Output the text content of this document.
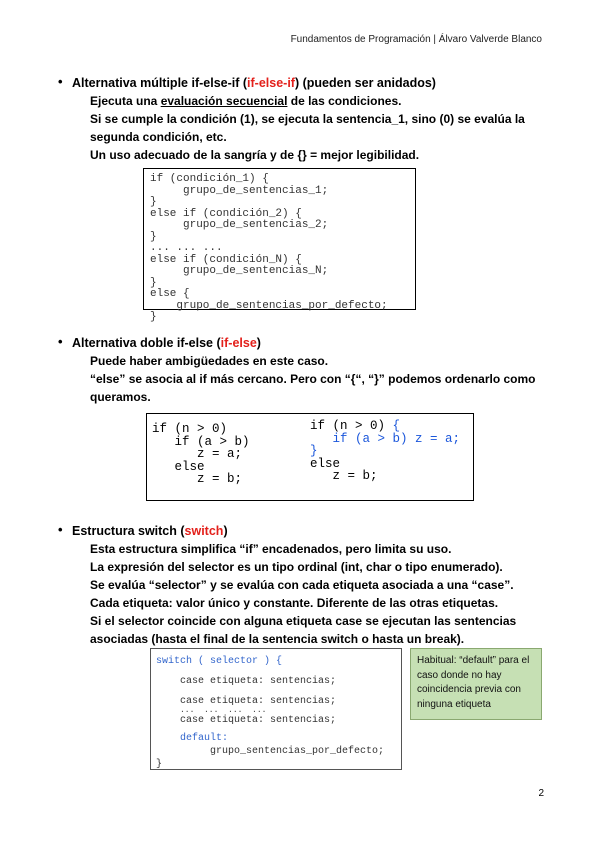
Fundamentos de Programación | Álvaro Valverde Blanco
• Alternativa múltiple if-else-if (if-else-if) (pueden ser anidados)

Ejecuta una evaluación secuencial de las condiciones.

Si se cumple la condición (1), se ejecuta la sentencia_1, sino (0) se evalúa la

segunda condición, etc.

Un uso adecuado de la sangría y de {} = mejor legibilidad.

if (condición_1) {
grupo_de_sentencias_1;
}
else if (condición_2) {
grupo_de_sentencias_2;
}
... ... ...
else if (condición_N) {
grupo_de_sentencias_N;
}
else {
grupo_de_sentencias_por_defecto;
}
• Alternativa doble if-else (if-else)

Puede haber ambigüedades en este caso.

“else” se asocia al if más cercano. Pero con “{“, “}” podemos ordenarlo como

queramos.

if (n > 0)
if (a > b)
z = a;
else
z = b;
if (n > 0) {
if (a > b) z = a;
}
else
z = b;
• Estructura switch (switch)

Esta estructura simplifica “if” encadenados, pero limita su uso.

La expresión del selector es un tipo ordinal (int, char o tipo enumerado).

Se evalúa “selector” y se evalúa con cada etiqueta asociada a una “case”.

Cada etiqueta: valor único y constante. Diferente de las otras etiquetas.

Si el selector coincide con alguna etiqueta case se ejecutan las sentencias

asociadas (hasta el final de la sentencia switch o hasta un break).

switch ( selector ) {
case etiqueta: sentencias;
case etiqueta: sentencias;
...  ...  ...  ...
case etiqueta: sentencias;
default:
grupo_sentencias_por_defecto;
}
Habitual: “default” para el caso donde no hay coincidencia previa con ninguna etiqueta
2
